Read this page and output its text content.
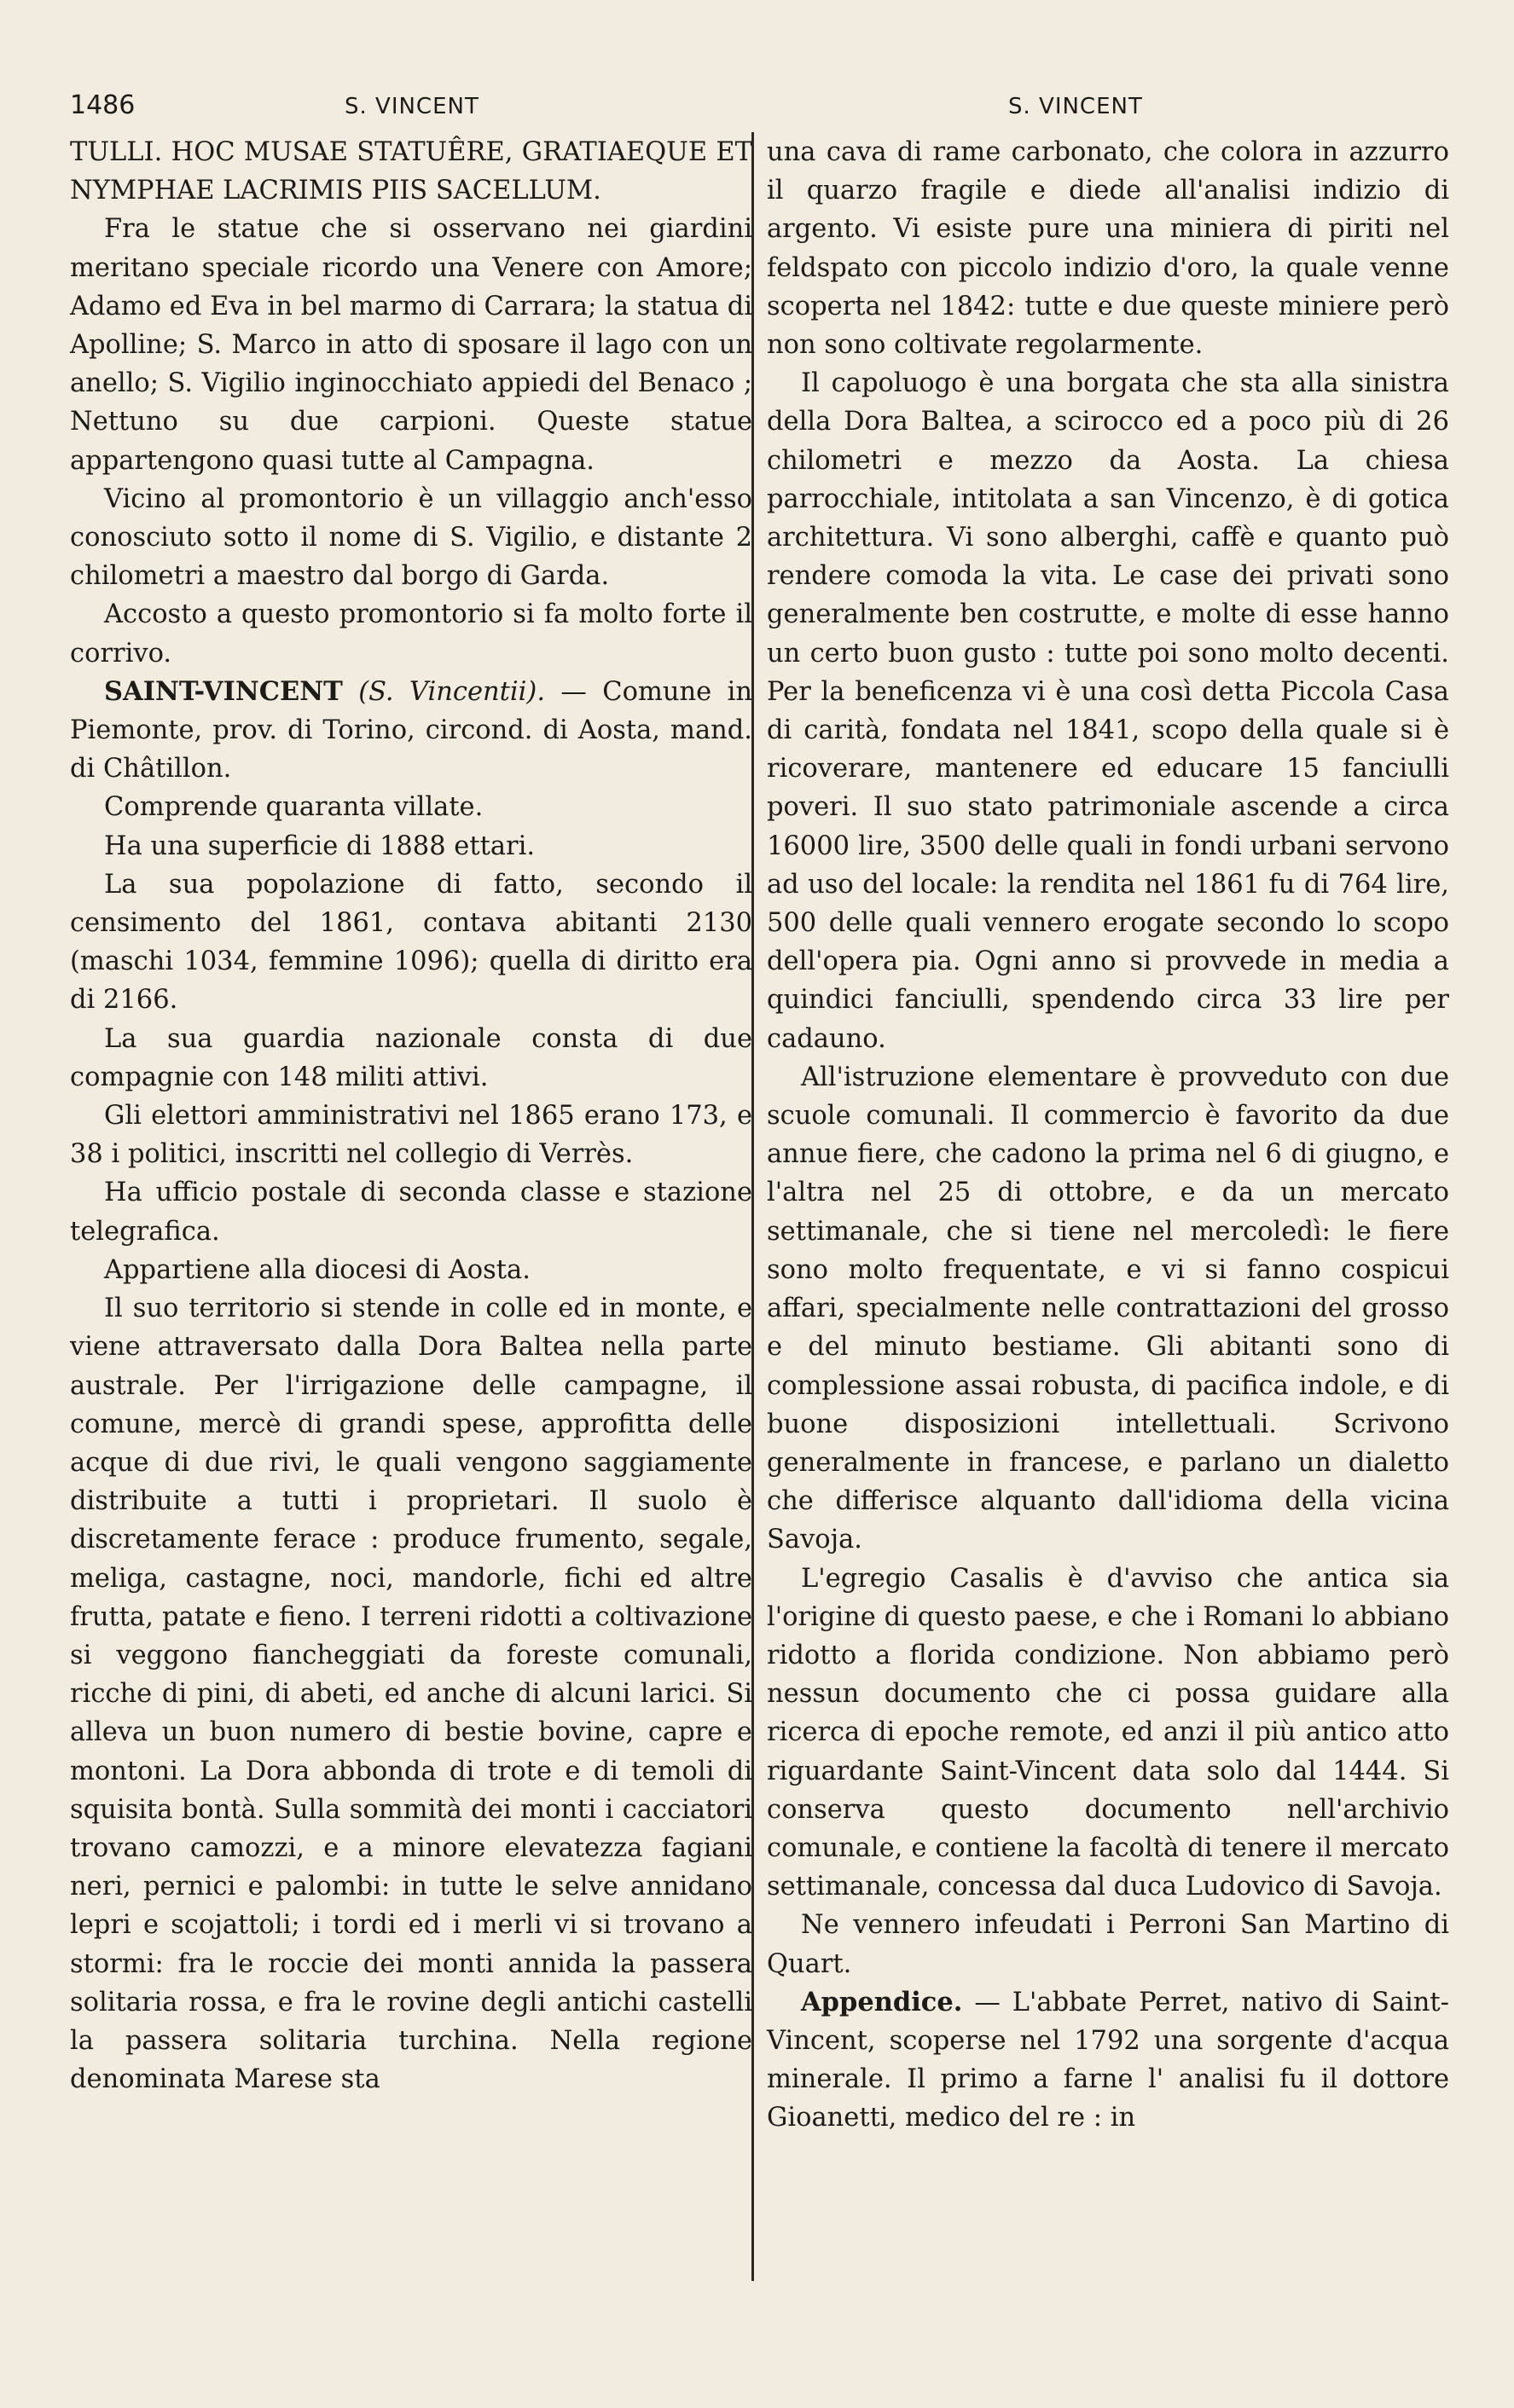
1486	S. VINCENT	S. VINCENT

TULLI. HOC MUSAE STATUÊRE, GRATIAEQUE ET NYMPHAE LACRIMIS PIIS SACELLUM.

Fra le statue che si osservano nei giardini meritano speciale ricordo una Venere con Amore; Adamo ed Eva in bel marmo di Carrara; la statua di Apolline; S. Marco in atto di sposare il lago con un anello; S. Vigilio inginocchiato appiedi del Benaco ; Nettuno su due carpioni. Queste statue appartengono quasi tutte al Campagna.

Vicino al promontorio è un villaggio anch'esso conosciuto sotto il nome di S. Vigilio, e distante 2 chilometri a maestro dal borgo di Garda.

Accosto a questo promontorio si fa molto forte il corrivo.

SAINT-VINCENT (S. Vincentii). — Comune in Piemonte, prov. di Torino, circond. di Aosta, mand. di Châtillon.

Comprende quaranta villate.

Ha una superficie di 1888 ettari.

La sua popolazione di fatto, secondo il censimento del 1861, contava abitanti 2130 (maschi 1034, femmine 1096); quella di diritto era di 2166.

La sua guardia nazionale consta di due compagnie con 148 militi attivi.

Gli elettori amministrativi nel 1865 erano 173, e 38 i politici, inscritti nel collegio di Verrès.

Ha ufficio postale di seconda classe e stazione telegrafica.

Appartiene alla diocesi di Aosta.

Il suo territorio si stende in colle ed in monte, e viene attraversato dalla Dora Baltea nella parte australe. Per l'irrigazione delle campagne, il comune, mercè di grandi spese, approfitta delle acque di due rivi, le quali vengono saggiamente distribuite a tutti i proprietari. Il suolo è discretamente ferace : produce frumento, segale, meliga, castagne, noci, mandorle, fichi ed altre frutta, patate e fieno. I terreni ridotti a coltivazione si veggono fiancheggiati da foreste comunali, ricche di pini, di abeti, ed anche di alcuni larici. Si alleva un buon numero di bestie bovine, capre e montoni. La Dora abbonda di trote e di temoli di squisita bontà. Sulla sommità dei monti i cacciatori trovano camozzi, e a minore elevatezza fagiani neri, pernici e palombi: in tutte le selve annidano lepri e scojattoli; i tordi ed i merli vi si trovano a stormi: fra le roccie dei monti annida la passera solitaria rossa, e fra le rovine degli antichi castelli la passera solitaria turchina. Nella regione denominata Marese sta

una cava di rame carbonato, che colora in azzurro il quarzo fragile e diede all'analisi indizio di argento. Vi esiste pure una miniera di piriti nel feldspato con piccolo indizio d'oro, la quale venne scoperta nel 1842: tutte e due queste miniere però non sono coltivate regolarmente.

Il capoluogo è una borgata che sta alla sinistra della Dora Baltea, a scirocco ed a poco più di 26 chilometri e mezzo da Aosta. La chiesa parrocchiale, intitolata a san Vincenzo, è di gotica architettura. Vi sono alberghi, caffè e quanto può rendere comoda la vita. Le case dei privati sono generalmente ben costrutte, e molte di esse hanno un certo buon gusto : tutte poi sono molto decenti. Per la beneficenza vi è una così detta Piccola Casa di carità, fondata nel 1841, scopo della quale si è ricoverare, mantenere ed educare 15 fanciulli poveri. Il suo stato patrimoniale ascende a circa 16000 lire, 3500 delle quali in fondi urbani servono ad uso del locale: la rendita nel 1861 fu di 764 lire, 500 delle quali vennero erogate secondo lo scopo dell'opera pia. Ogni anno si provvede in media a quindici fanciulli, spendendo circa 33 lire per cadauno.

All'istruzione elementare è provveduto con due scuole comunali. Il commercio è favorito da due annue fiere, che cadono la prima nel 6 di giugno, e l'altra nel 25 di ottobre, e da un mercato settimanale, che si tiene nel mercoledì: le fiere sono molto frequentate, e vi si fanno cospicui affari, specialmente nelle contrattazioni del grosso e del minuto bestiame. Gli abitanti sono di complessione assai robusta, di pacifica indole, e di buone disposizioni intellettuali. Scrivono generalmente in francese, e parlano un dialetto che differisce alquanto dall'idioma della vicina Savoja.

L'egregio Casalis è d'avviso che antica sia l'origine di questo paese, e che i Romani lo abbiano ridotto a florida condizione. Non abbiamo però nessun documento che ci possa guidare alla ricerca di epoche remote, ed anzi il più antico atto riguardante Saint-Vincent data solo dal 1444. Si conserva questo documento nell'archivio comunale, e contiene la facoltà di tenere il mercato settimanale, concessa dal duca Ludovico di Savoja.

Ne vennero infeudati i Perroni San Martino di Quart.

Appendice. — L'abbate Perret, nativo di Saint-Vincent, scoperse nel 1792 una sorgente d'acqua minerale. Il primo a farne l' analisi fu il dottore Gioanetti, medico del re : in
